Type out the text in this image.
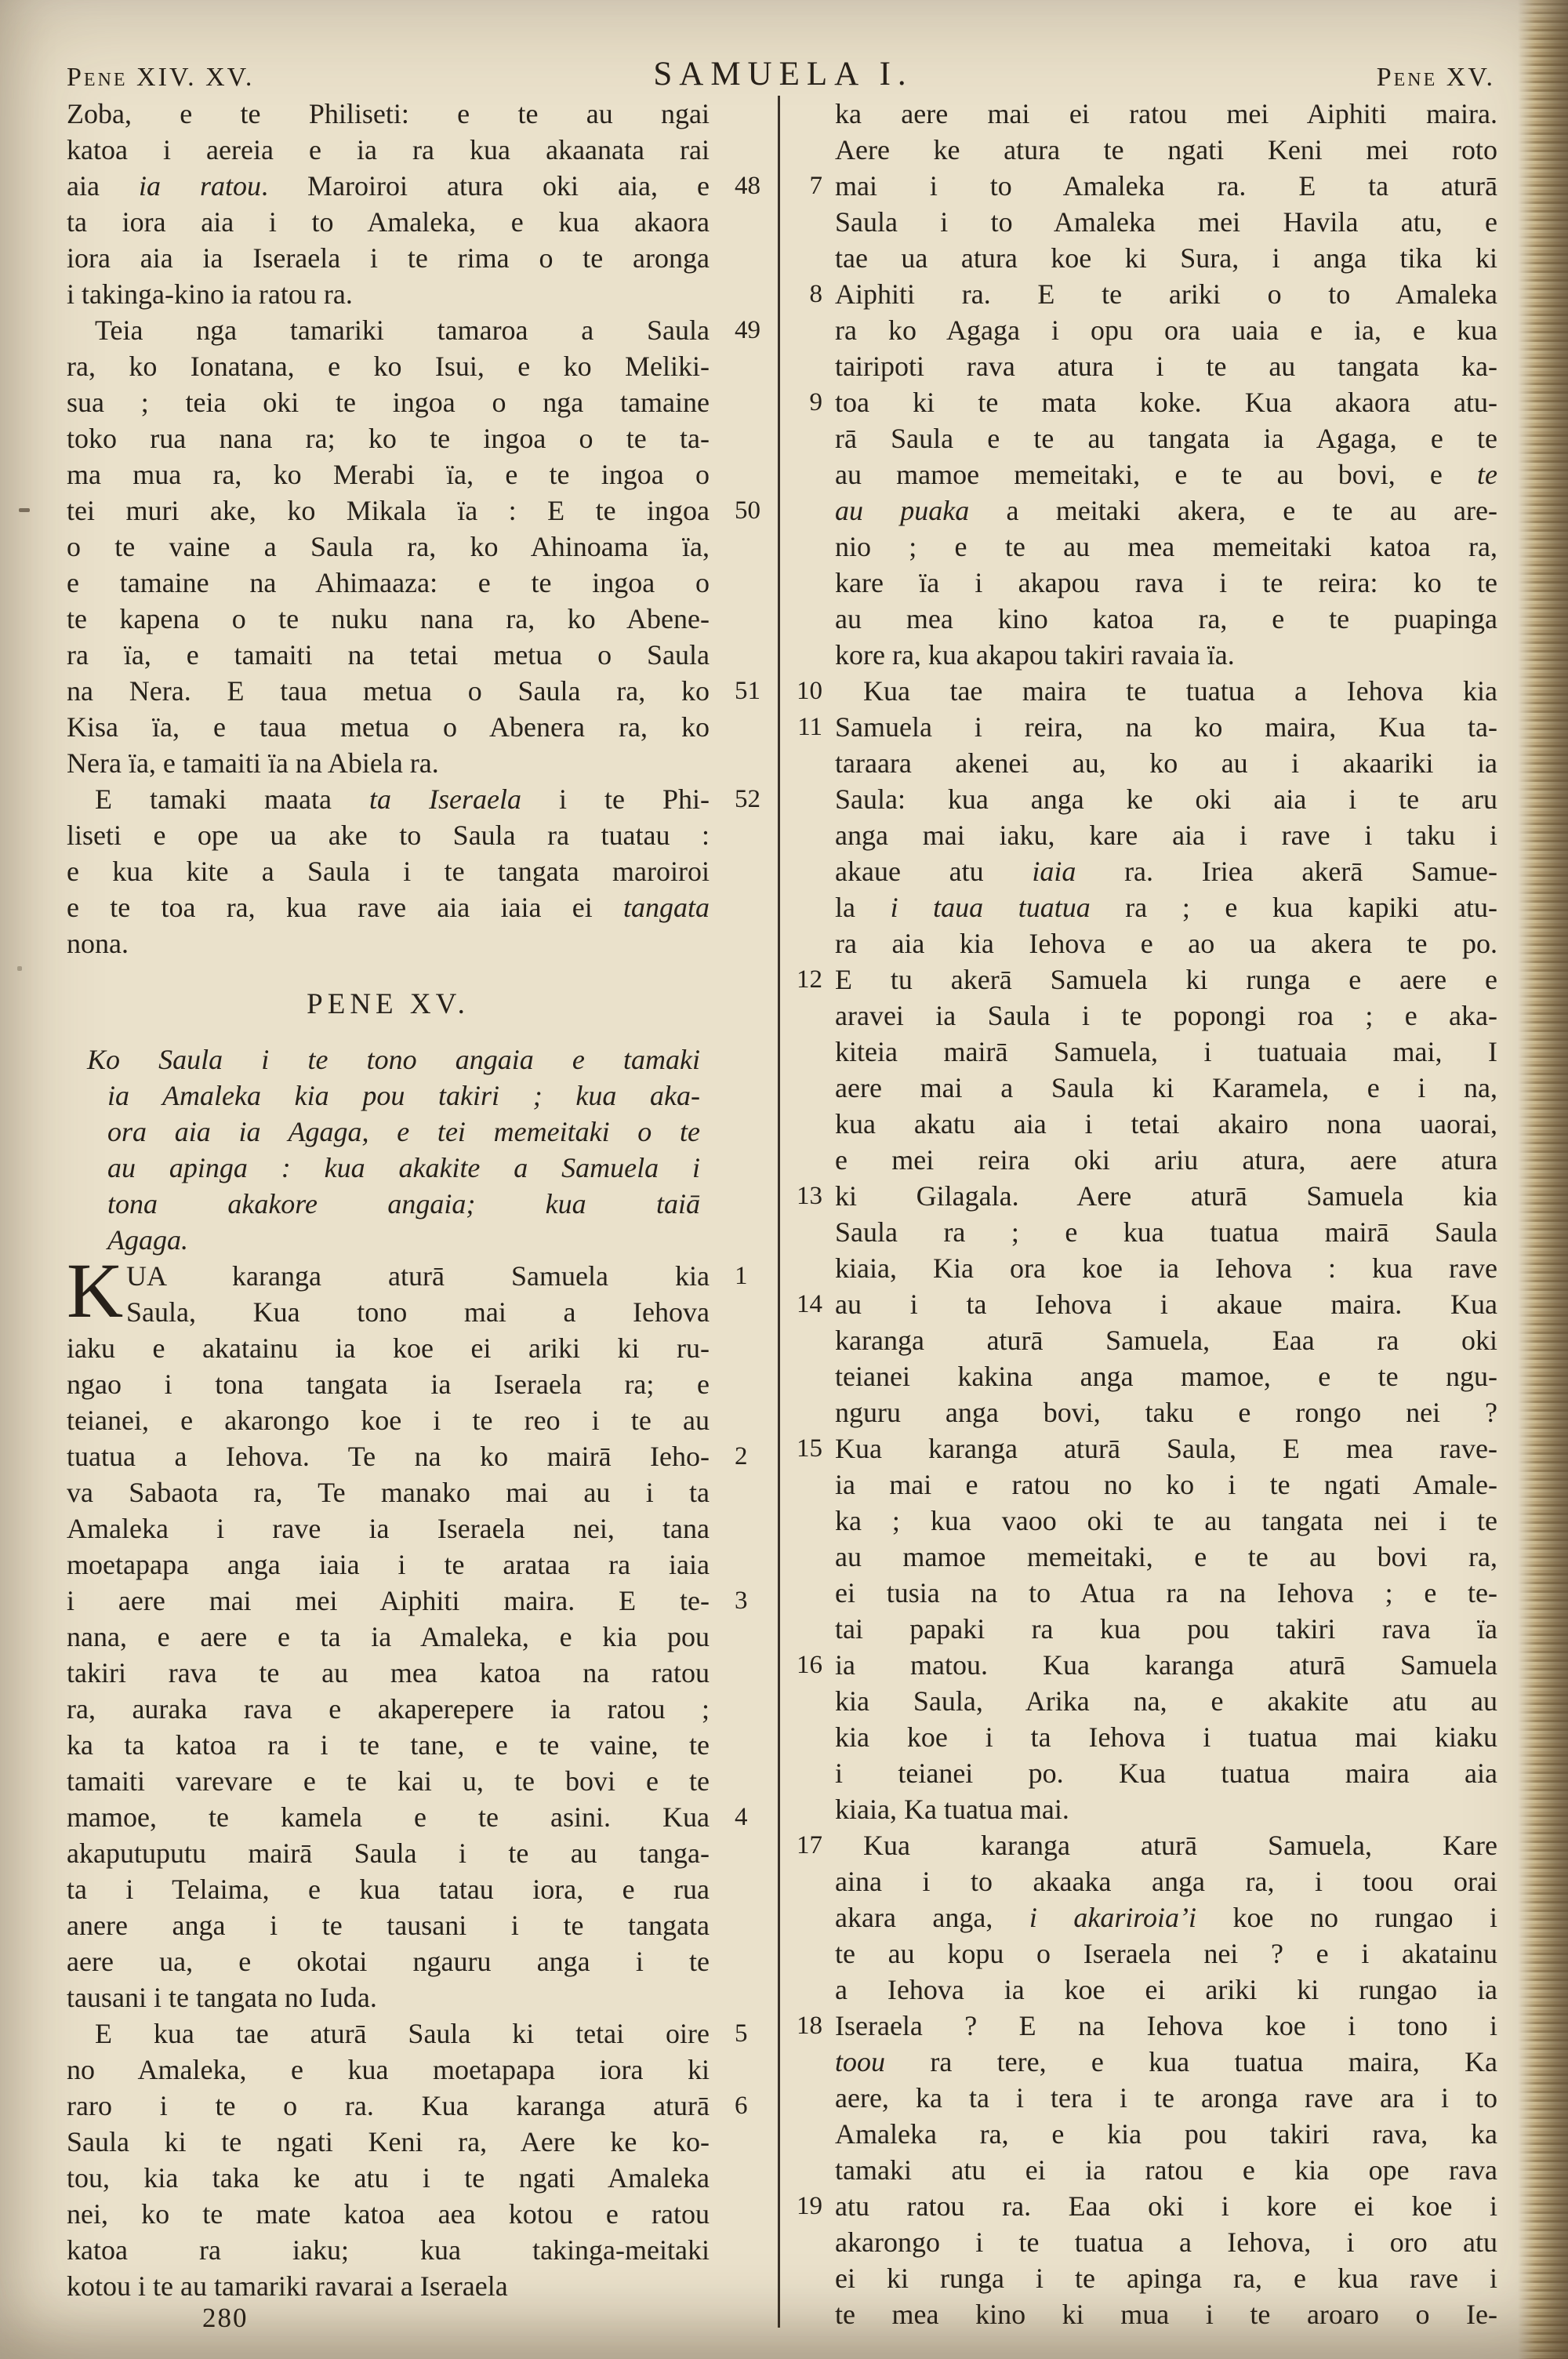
Pene XIV. XV.	SAMUELA I.	Pene XV.
Zoba, e te Philiseti: e te au ngai
katoa i aereia e ia ra kua akaanata rai
48
aia ia ratou. Maroiroi atura oki aia, e
ta iora aia i to Amaleka, e kua akaora
iora aia ia Iseraela i te rima o te aronga
i takinga-kino ia ratou ra.
49
Teia nga tamariki tamaroa a Saula
ra, ko Ionatana, e ko Isui, e ko Meliki-
sua ; teia oki te ingoa o nga tamaine
toko rua nana ra; ko te ingoa o te ta-
ma mua ra, ko Merabi ïa, e te ingoa o
50
tei muri ake, ko Mikala ïa : E te ingoa
o te vaine a Saula ra, ko Ahinoama ïa,
e tamaine na Ahimaaza: e te ingoa o
te kapena o te nuku nana ra, ko Abene-
ra ïa, e tamaiti na tetai metua o Saula
51
na Nera. E taua metua o Saula ra, ko
Kisa ïa, e taua metua o Abenera ra, ko
Nera ïa, e tamaiti ïa na Abiela ra.
52
E tamaki maata ta Iseraela i te Phi-
liseti e ope ua ake to Saula ra tuatau :
e kua kite a Saula i te tangata maroiroi
e te toa ra, kua rave aia iaia ei tangata
nona.
PENE XV.
Ko Saula i te tono angaia e tamaki
ia Amaleka kia pou takiri ; kua aka-
ora aia ia Agaga, e tei memeitaki o te
au apinga : kua akakite a Samuela i
tona akakore angaia; kua taiā
Agaga.
K	1
UA karanga aturā Samuela kia
Saula, Kua tono mai a Iehova
iaku e akatainu ia koe ei ariki ki ru-
ngao i tona tangata ia Iseraela ra; e
teianei, e akarongo koe i te reo i te au
2
tuatua a Iehova. Te na ko mairā Ieho-
va Sabaota ra, Te manako mai au i ta
Amaleka i rave ia Iseraela nei, tana
moetapapa anga iaia i te arataa ra iaia
3
i aere mai mei Aiphiti maira. E te-
nana, e aere e ta ia Amaleka, e kia pou
takiri rava te au mea katoa na ratou
ra, auraka rava e akaperepere ia ratou ;
ka ta katoa ra i te tane, e te vaine, te
tamaiti varevare e te kai u, te bovi e te
4
mamoe, te kamela e te asini. Kua
akaputuputu mairā Saula i te au tanga-
ta i Telaima, e kua tatau iora, e rua
anere anga i te tausani i te tangata
aere ua, e okotai ngauru anga i te
tausani i te tangata no Iuda.
5
E kua tae aturā Saula ki tetai oire
no Amaleka, e kua moetapapa iora ki
6
raro i te o ra. Kua karanga aturā
Saula ki te ngati Keni ra, Aere ke ko-
tou, kia taka ke atu i te ngati Amaleka
nei, ko te mate katoa aea kotou e ratou
katoa ra iaku; kua takinga-meitaki
kotou i te au tamariki ravarai a Iseraela
ka aere mai ei ratou mei Aiphiti maira.
Aere ke atura te ngati Keni mei roto
7 mai i to Amaleka ra. E ta aturā
Saula i to Amaleka mei Havila atu, e
tae ua atura koe ki Sura, i anga tika ki
8 Aiphiti ra. E te ariki o to Amaleka
ra ko Agaga i opu ora uaia e ia, e kua
tairipoti rava atura i te au tangata ka-
9 toa ki te mata koke. Kua akaora atu-
rā Saula e te au tangata ia Agaga, e te
au mamoe memeitaki, e te au bovi, e te
au puaka a meitaki akera, e te au are-
nio ; e te au mea memeitaki katoa ra,
kare ïa i akapou rava i te reira: ko te
au mea kino katoa ra, e te puapinga
kore ra, kua akapou takiri ravaia ïa.
10 Kua tae maira te tuatua a Iehova kia
11 Samuela i reira, na ko maira, Kua ta-
taraara akenei au, ko au i akaariki ia
Saula: kua anga ke oki aia i te aru
anga mai iaku, kare aia i rave i taku i
akaue atu iaia ra. Iriea akerā Samue-
la i taua tuatua ra ; e kua kapiki atu-
ra aia kia Iehova e ao ua akera te po.
12 E tu akerā Samuela ki runga e aere e
aravei ia Saula i te popongi roa ; e aka-
kiteia mairā Samuela, i tuatuaia mai, I
aere mai a Saula ki Karamela, e i na,
kua akatu aia i tetai akairo nona uaorai,
e mei reira oki ariu atura, aere atura
13 ki Gilagala. Aere aturā Samuela kia
Saula ra ; e kua tuatua mairā Saula
kiaia, Kia ora koe ia Iehova : kua rave
14 au i ta Iehova i akaue maira. Kua
karanga aturā Samuela, Eaa ra oki
teianei kakina anga mamoe, e te ngu-
nguru anga bovi, taku e rongo nei ?
15 Kua karanga aturā Saula, E mea rave-
ia mai e ratou no ko i te ngati Amale-
ka ; kua vaoo oki te au tangata nei i te
au mamoe memeitaki, e te au bovi ra,
ei tusia na to Atua ra na Iehova ; e te-
tai papaki ra kua pou takiri rava ïa
16 ia matou. Kua karanga aturā Samuela
kia Saula, Arika na, e akakite atu au
kia koe i ta Iehova i tuatua mai kiaku
i teianei po. Kua tuatua maira aia
kiaia, Ka tuatua mai.
17 Kua karanga aturā Samuela, Kare
aina i to akaaka anga ra, i toou orai
akara anga, i akariroia’i koe no rungao i
te au kopu o Iseraela nei ? e i akatainu
a Iehova ia koe ei ariki ki rungao ia
18 Iseraela ? E na Iehova koe i tono i
toou ra tere, e kua tuatua maira, Ka
aere, ka ta i tera i te aronga rave ara i to
Amaleka ra, e kia pou takiri rava, ka
tamaki atu ei ia ratou e kia ope rava
19 atu ratou ra. Eaa oki i kore ei koe i
akarongo i te tuatua a Iehova, i oro atu
ei ki runga i te apinga ra, e kua rave i
te mea kino ki mua i te aroaro o Ie-
280
